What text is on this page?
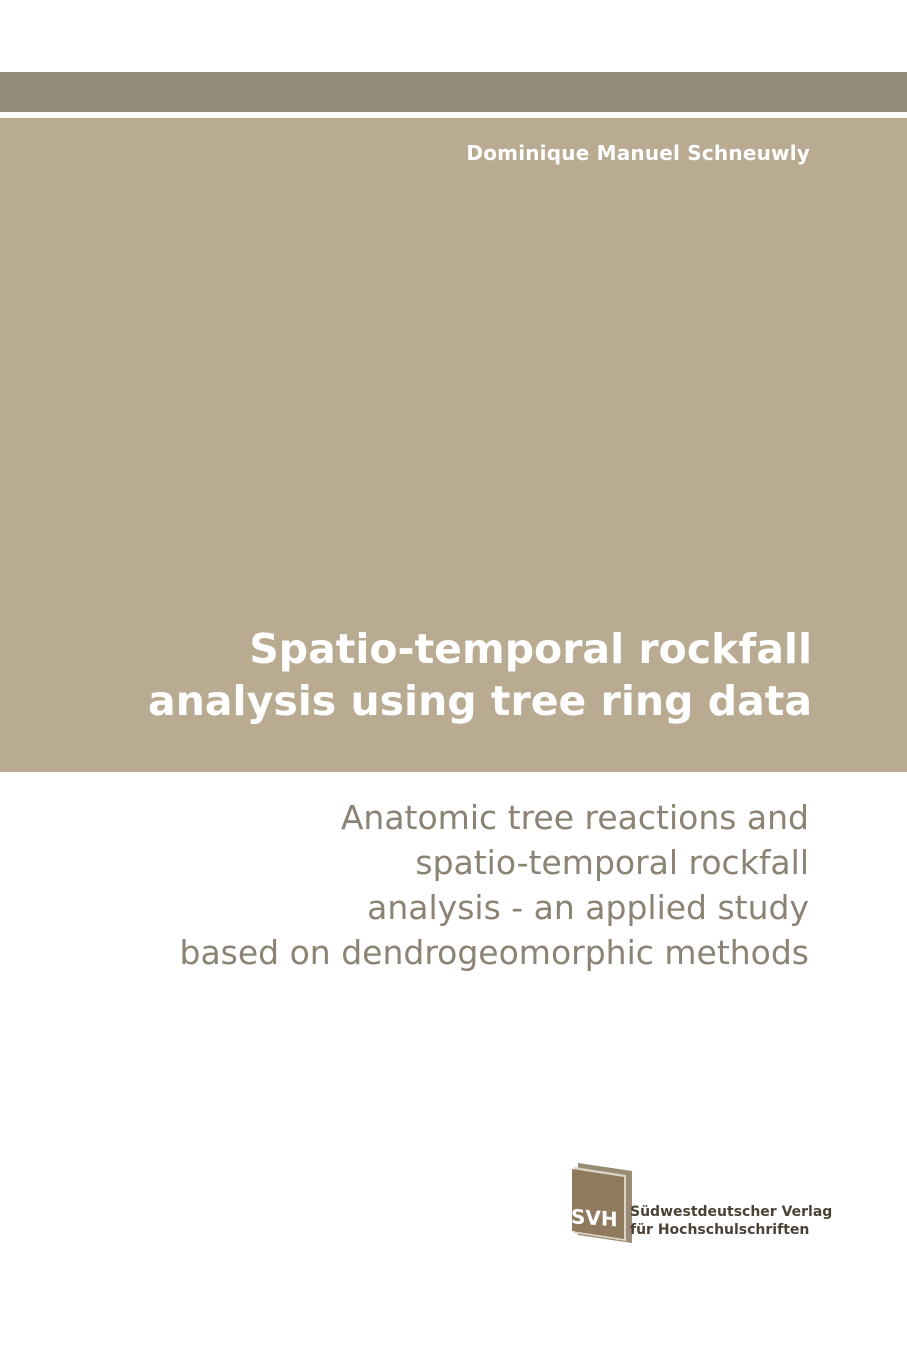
Dominique Manuel Schneuwly
Spatio-temporal rockfall
analysis using tree ring data
Anatomic tree reactions and
spatio-temporal rockfall
analysis - an applied study
based on dendrogeomorphic methods
SVH Südwestdeutscher Verlag
für Hochschulschriften
